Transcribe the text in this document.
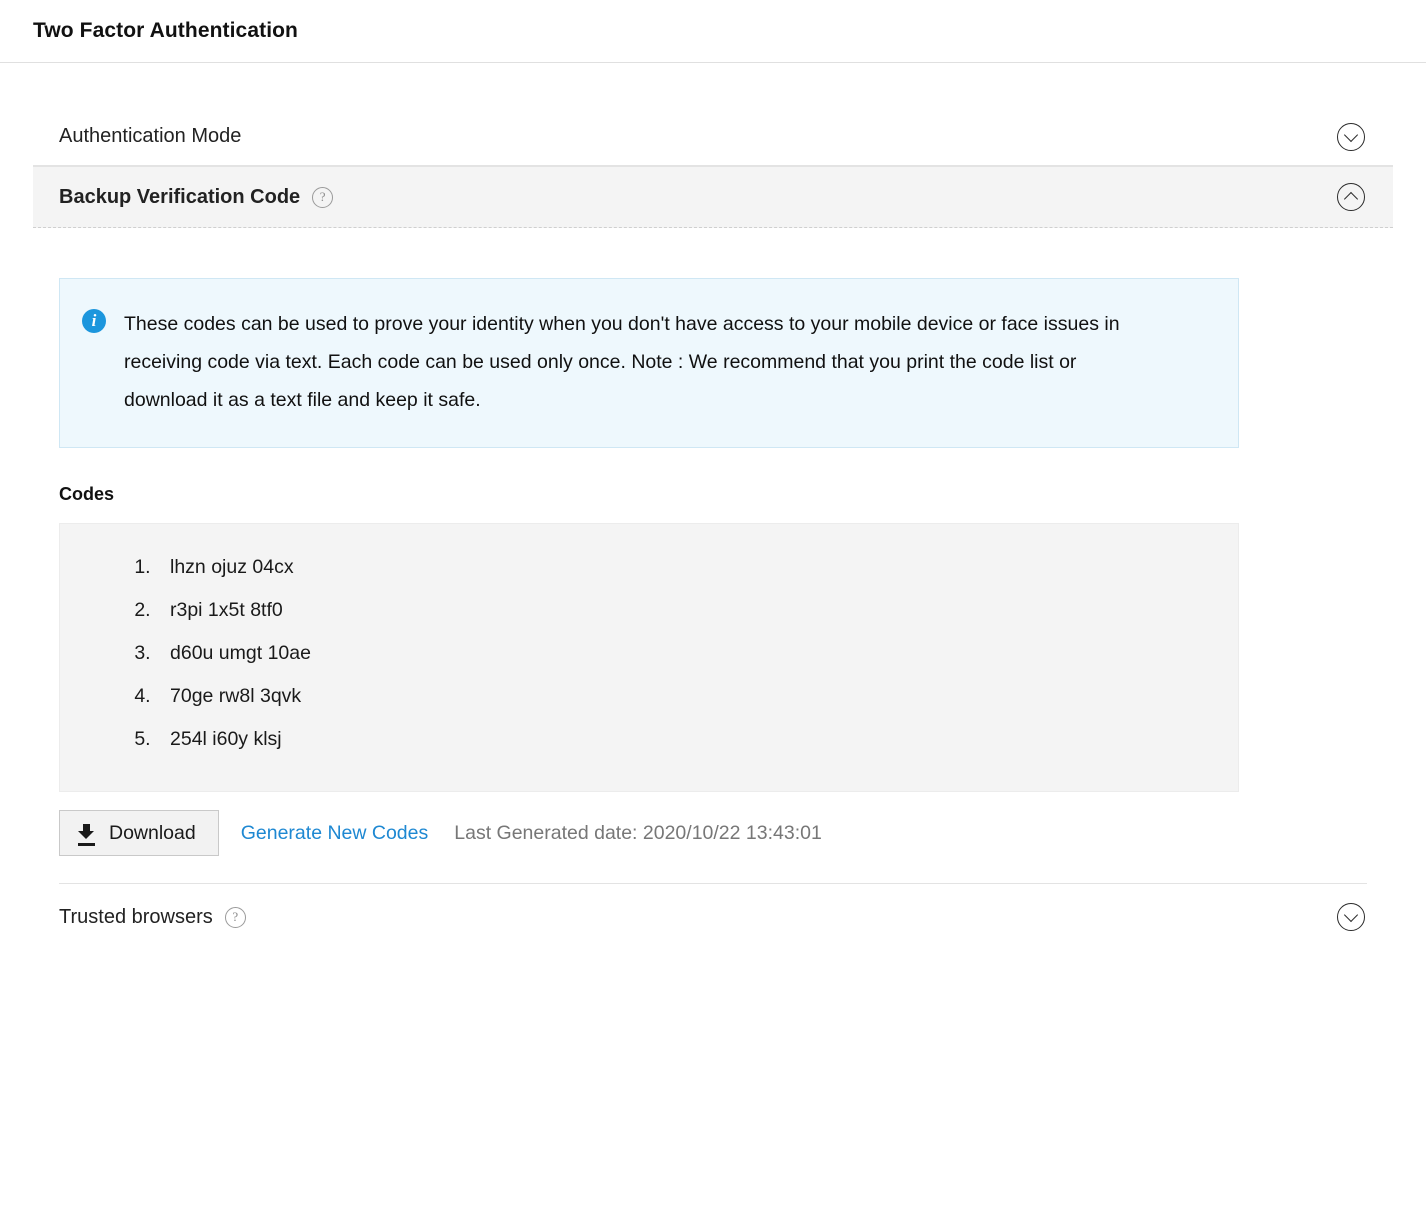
Two Factor Authentication
Authentication Mode
Backup Verification Code	?
i	These codes can be used to prove your identity when you don't have access to your mobile device or face issues in receiving code via text. Each code can be used only once. Note : We recommend that you print the code list or download it as a text file and keep it safe.
Codes
1. lhzn ojuz 04cx
2. r3pi 1x5t 8tf0
3. d60u umgt 10ae
4. 70ge rw8l 3qvk
5. 254l i60y klsj
Download Generate New Codes Last Generated date: 2020/10/22 13:43:01
Trusted browsers	?
